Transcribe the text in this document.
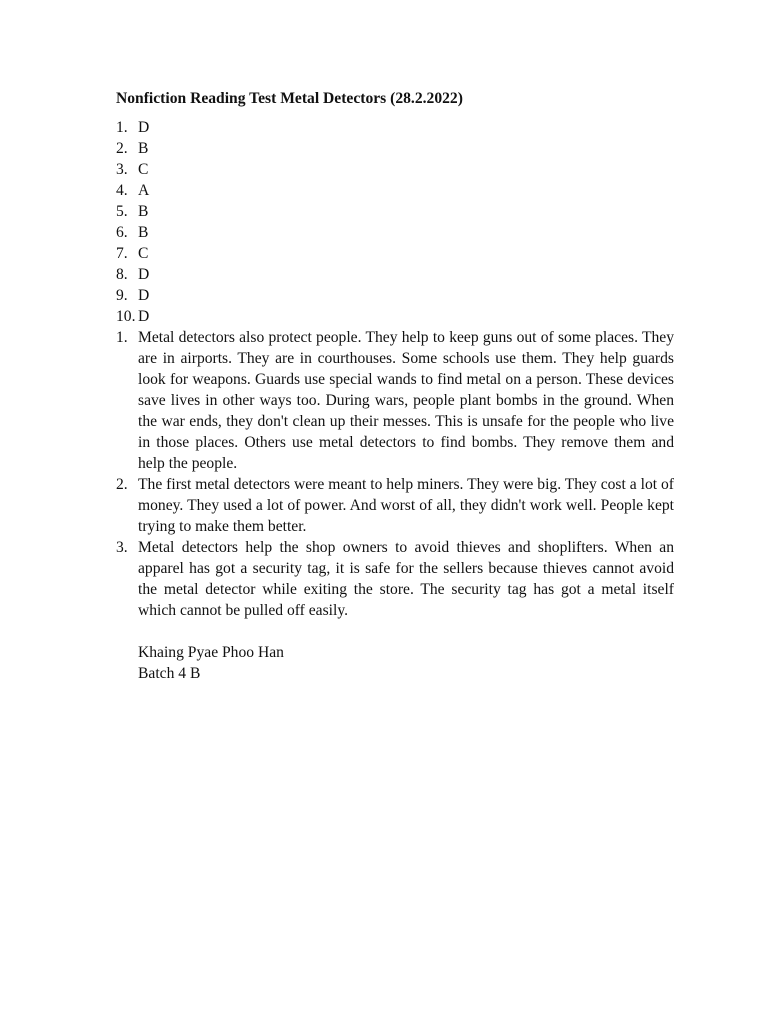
Nonfiction Reading Test Metal Detectors (28.2.2022)
1. D
2. B
3. C
4. A
5. B
6. B
7. C
8. D
9. D
10. D
1. Metal detectors also protect people. They help to keep guns out of some places. They are in airports. They are in courthouses. Some schools use them. They help guards look for weapons. Guards use special wands to find metal on a person. These devices save lives in other ways too. During wars, people plant bombs in the ground. When the war ends, they don't clean up their messes. This is unsafe for the people who live in those places. Others use metal detectors to find bombs. They remove them and help the people.
2. The first metal detectors were meant to help miners. They were big. They cost a lot of money. They used a lot of power. And worst of all, they didn't work well. People kept trying to make them better.
3. Metal detectors help the shop owners to avoid thieves and shoplifters. When an apparel has got a security tag, it is safe for the sellers because thieves cannot avoid the metal detector while exiting the store. The security tag has got a metal itself which cannot be pulled off easily.
Khaing Pyae Phoo Han
Batch 4 B
